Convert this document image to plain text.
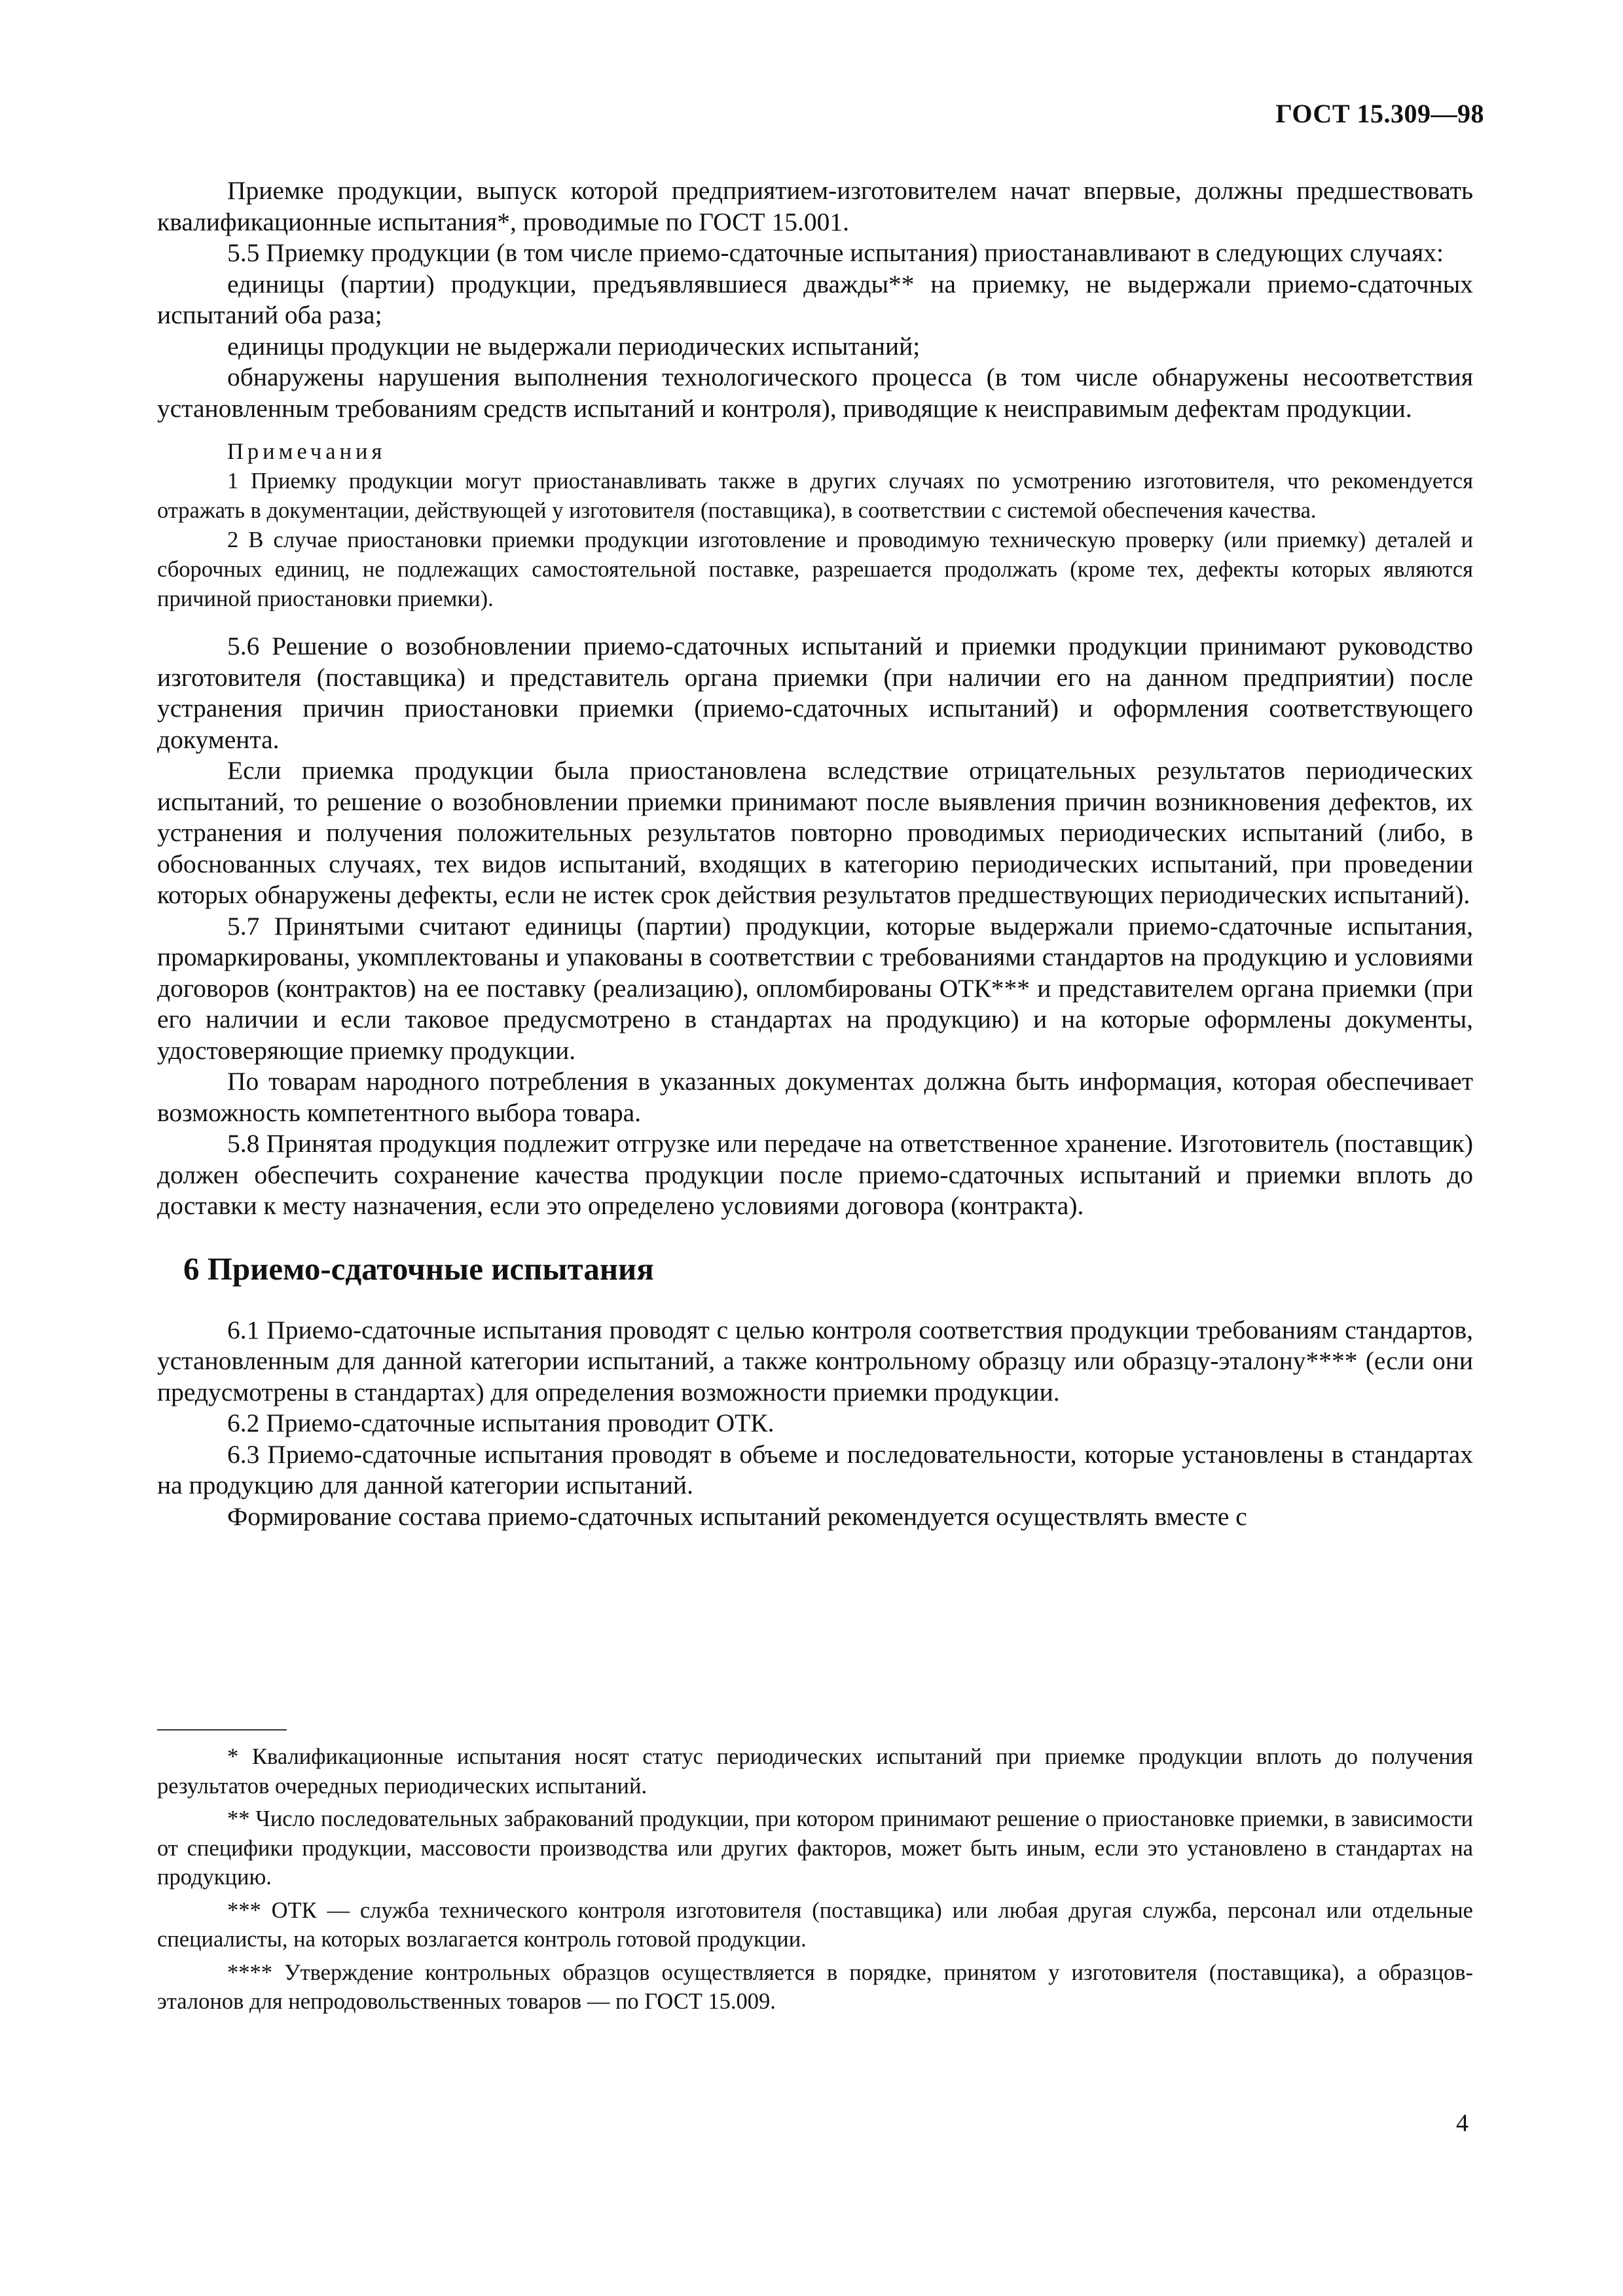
ГОСТ 15.309—98

Приемке продукции, выпуск которой предприятием-изготовителем начат впервые, должны предшествовать квалификационные испытания*, проводимые по ГОСТ 15.001.

5.5 Приемку продукции (в том числе приемо-сдаточные испытания) приостанавливают в следующих случаях:

единицы (партии) продукции, предъявлявшиеся дважды** на приемку, не выдержали приемо-сдаточных испытаний оба раза;

единицы продукции не выдержали периодических испытаний;

обнаружены нарушения выполнения технологического процесса (в том числе обнаружены несоответствия установленным требованиям средств испытаний и контроля), приводящие к неисправимым дефектам продукции.

Примечания

1 Приемку продукции могут приостанавливать также в других случаях по усмотрению изготовителя, что рекомендуется отражать в документации, действующей у изготовителя (поставщика), в соответствии с системой обеспечения качества.

2 В случае приостановки приемки продукции изготовление и проводимую техническую проверку (или приемку) деталей и сборочных единиц, не подлежащих самостоятельной поставке, разрешается продолжать (кроме тех, дефекты которых являются причиной приостановки приемки).

5.6 Решение о возобновлении приемо-сдаточных испытаний и приемки продукции принимают руководство изготовителя (поставщика) и представитель органа приемки (при наличии его на данном предприятии) после устранения причин приостановки приемки (приемо-сдаточных испытаний) и оформления соответствующего документа.

Если приемка продукции была приостановлена вследствие отрицательных результатов периодических испытаний, то решение о возобновлении приемки принимают после выявления причин возникновения дефектов, их устранения и получения положительных результатов повторно проводимых периодических испытаний (либо, в обоснованных случаях, тех видов испытаний, входящих в категорию периодических испытаний, при проведении которых обнаружены дефекты, если не истек срок действия результатов предшествующих периодических испытаний).

5.7 Принятыми считают единицы (партии) продукции, которые выдержали приемо-сдаточные испытания, промаркированы, укомплектованы и упакованы в соответствии с требованиями стандартов на продукцию и условиями договоров (контрактов) на ее поставку (реализацию), опломбированы ОТК*** и представителем органа приемки (при его наличии и если таковое предусмотрено в стандартах на продукцию) и на которые оформлены документы, удостоверяющие приемку продукции.

По товарам народного потребления в указанных документах должна быть информация, которая обеспечивает возможность компетентного выбора товара.

5.8 Принятая продукция подлежит отгрузке или передаче на ответственное хранение. Изготовитель (поставщик) должен обеспечить сохранение качества продукции после приемо-сдаточных испытаний и приемки вплоть до доставки к месту назначения, если это определено условиями договора (контракта).

6 Приемо-сдаточные испытания

6.1 Приемо-сдаточные испытания проводят с целью контроля соответствия продукции требованиям стандартов, установленным для данной категории испытаний, а также контрольному образцу или образцу-эталону**** (если они предусмотрены в стандартах) для определения возможности приемки продукции.

6.2 Приемо-сдаточные испытания проводит ОТК.

6.3 Приемо-сдаточные испытания проводят в объеме и последовательности, которые установлены в стандартах на продукцию для данной категории испытаний.

Формирование состава приемо-сдаточных испытаний рекомендуется осуществлять вместе с

* Квалификационные испытания носят статус периодических испытаний при приемке продукции вплоть до получения результатов очередных периодических испытаний.

** Число последовательных забракований продукции, при котором принимают решение о приостановке приемки, в зависимости от специфики продукции, массовости производства или других факторов, может быть иным, если это установлено в стандартах на продукцию.

*** ОТК — служба технического контроля изготовителя (поставщика) или любая другая служба, персонал или отдельные специалисты, на которых возлагается контроль готовой продукции.

**** Утверждение контрольных образцов осуществляется в порядке, принятом у изготовителя (поставщика), а образцов-эталонов для непродовольственных товаров — по ГОСТ 15.009.

4
